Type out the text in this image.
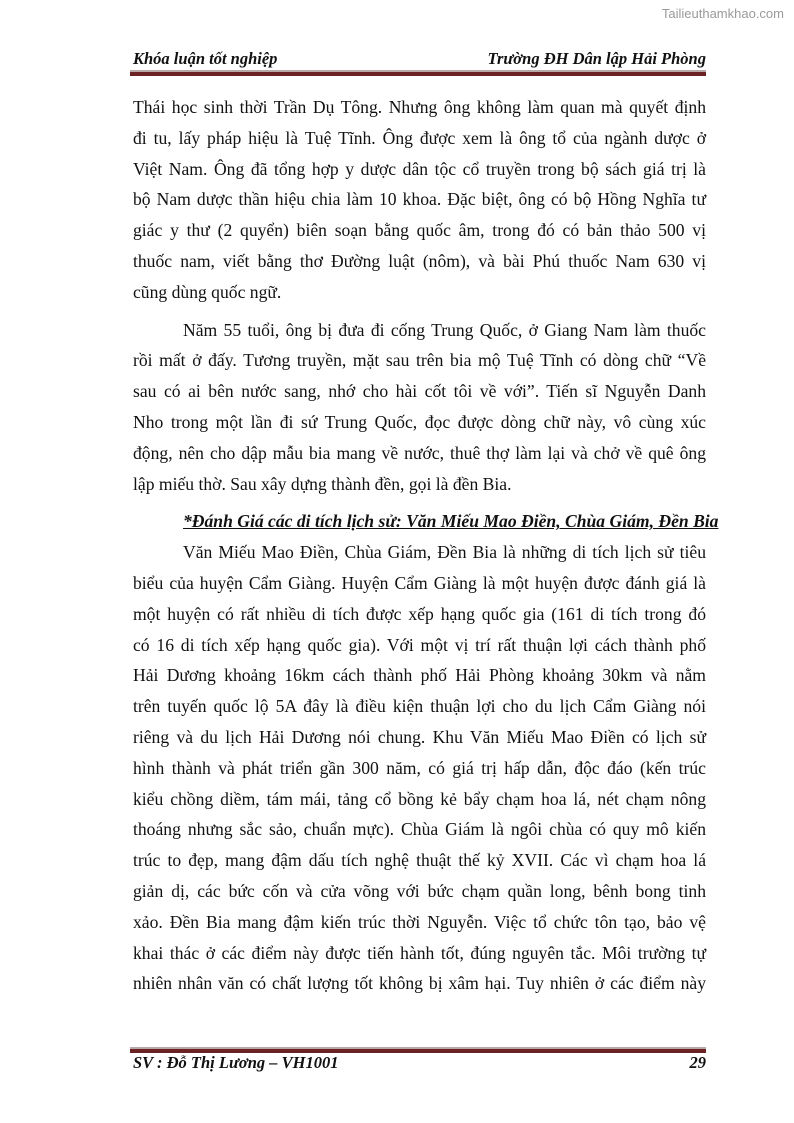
Tailieuthamkhao.com
Khóa luận tốt nghiệp	Trường ĐH Dân lập Hải Phòng
Thái học sinh thời Trần Dụ Tông. Nhưng ông không làm quan mà quyết định
đi tu, lấy pháp hiệu là Tuệ Tĩnh. Ông được xem là ông tổ của ngành dược ở
Việt Nam. Ông đã tổng hợp y dược dân tộc cổ truyền trong bộ sách giá trị là
bộ Nam dược thần hiệu chia làm 10 khoa. Đặc biệt, ông có bộ Hồng Nghĩa tư
giác y thư (2 quyển) biên soạn bằng quốc âm, trong đó có bản thảo 500 vị
thuốc nam, viết bằng thơ Đường luật (nôm), và bài Phú thuốc Nam 630 vị
cũng dùng quốc ngữ.
Năm 55 tuổi, ông bị đưa đi cống Trung Quốc, ở Giang Nam làm thuốc
rồi mất ở đấy. Tương truyền, mặt sau trên bia mộ Tuệ Tĩnh có dòng chữ “Về
sau có ai bên nước sang, nhớ cho hài cốt tôi về với”. Tiến sĩ Nguyễn Danh
Nho trong một lần đi sứ Trung Quốc, đọc được dòng chữ này, vô cùng xúc
động, nên cho dập mẫu bia mang về nước, thuê thợ làm lại và chở về quê ông
lập miếu thờ. Sau xây dựng thành đền, gọi là đền Bia.
*Đánh Giá các di tích lịch sử: Văn Miếu Mao Điền, Chùa Giám, Đền Bia
Văn Miếu Mao Điền, Chùa Giám, Đền Bia là những di tích lịch sử tiêu
biểu của huyện Cẩm Giàng. Huyện Cẩm Giàng là một huyện được đánh giá là
một huyện có rất nhiều di tích được xếp hạng quốc gia (161 di tích trong đó
có 16 di tích xếp hạng quốc gia). Với một vị trí rất thuận lợi cách thành phố
Hải Dương khoảng 16km cách thành phố Hải Phòng khoảng 30km và nằm
trên tuyến quốc lộ 5A đây là điều kiện thuận lợi cho du lịch Cẩm Giàng nói
riêng và du lịch Hải Dương nói chung. Khu Văn Miếu Mao Điền có lịch sử
hình thành và phát triển gần 300 năm, có giá trị hấp dẫn, độc đáo (kến trúc
kiểu chồng diềm, tám mái, tảng cổ bồng kẻ bẩy chạm hoa lá, nét chạm nông
thoáng nhưng sắc sảo, chuẩn mực). Chùa Giám là ngôi chùa có quy mô kiến
trúc to đẹp, mang đậm dấu tích nghệ thuật thế kỷ XVII. Các vì chạm hoa lá
giản dị, các bức cốn và cửa võng với bức chạm quần long, bênh bong tinh
xảo. Đền Bia mang đậm kiến trúc thời Nguyễn. Việc tổ chức tôn tạo, bảo vệ
khai thác ở các điểm này được tiến hành tốt, đúng nguyên tắc. Môi trường tự
nhiên nhân văn có chất lượng tốt không bị xâm hại. Tuy nhiên ở các điểm này
SV : Đỗ Thị Lương – VH1001	29
